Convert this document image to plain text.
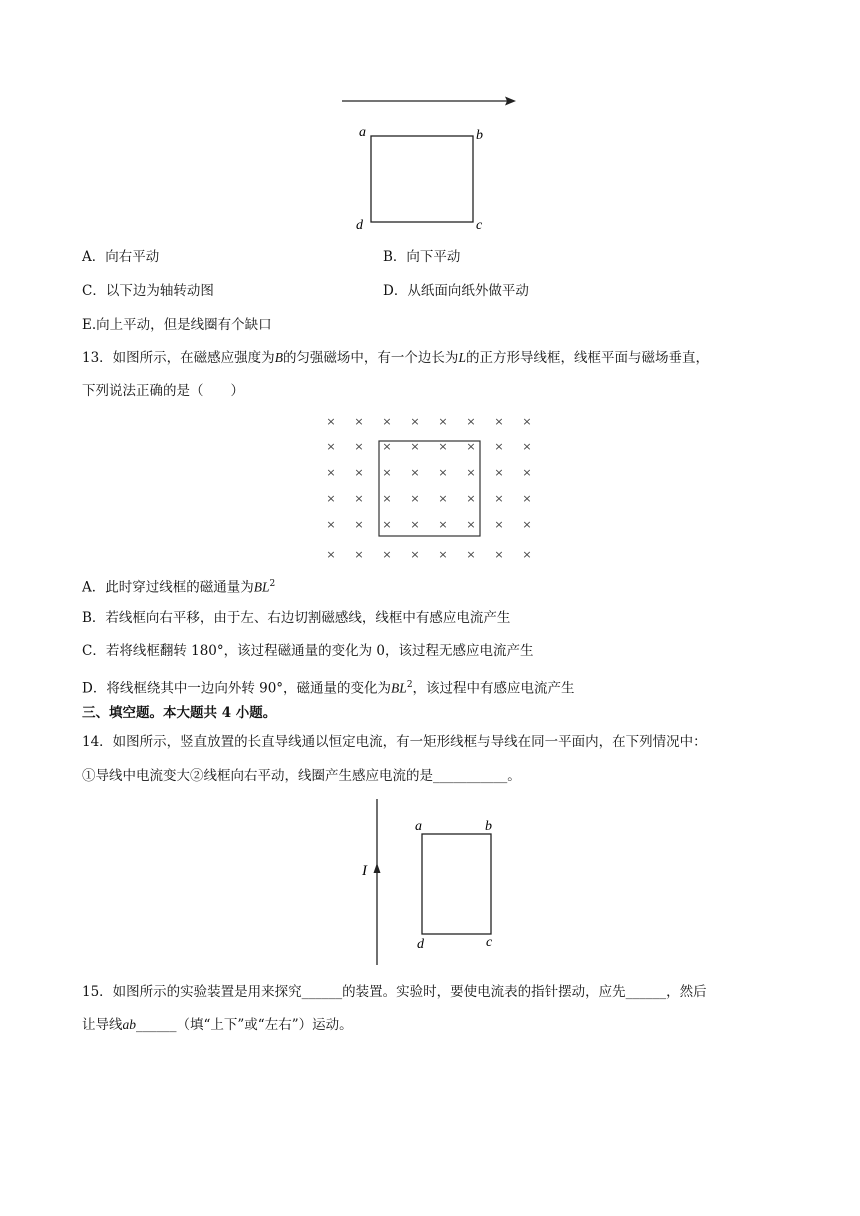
a	b
d	c
A．向右平动	B．向下平动
C．以下边为轴转动图	D．从纸面向纸外做平动
E.向上平动，但是线圈有个缺口
13．如图所示，在磁感应强度为B的匀强磁场中，有一个边长为L的正方形导线框，线框平面与磁场垂直，
下列说法正确的是（　　）
× × × × × × × ×
× × × × × × × ×
× × × × × × × ×
× × × × × × × ×
× × × × × × × ×
× × × × × × × ×
A．此时穿过线框的磁通量为$BL^2$
B．若线框向右平移，由于左、右边切割磁感线，线框中有感应电流产生
C．若将线框翻转 180°，该过程磁通量的变化为 0，该过程无感应电流产生
D．将线框绕其中一边向外转 90°，磁通量的变化为$BL^2$，该过程中有感应电流产生
三、填空题。本大题共 4 小题。
14．如图所示，竖直放置的长直导线通以恒定电流，有一矩形线框与导线在同一平面内，在下列情况中：
①导线中电流变大②线框向右平动，线圈产生感应电流的是___________。
I
a	b
d	c
15．如图所示的实验装置是用来探究______的装置。实验时，要使电流表的指针摆动，应先______，然后
让导线ab______（填“上下”或“左右”）运动。
